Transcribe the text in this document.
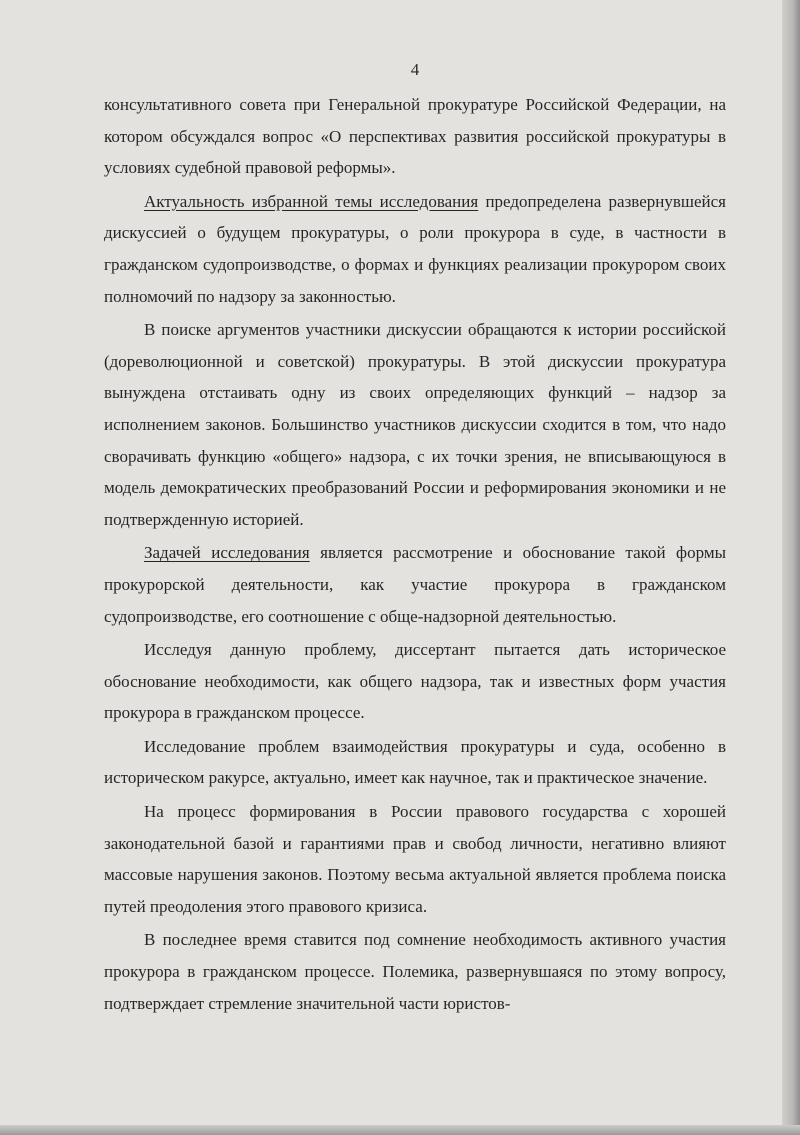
4

консультативного совета при Генеральной прокуратуре Российской Федерации, на котором обсуждался вопрос «О перспективах развития российской прокуратуры в условиях судебной правовой реформы».

Актуальность избранной темы исследования предопределена развернувшейся дискуссией о будущем прокуратуры, о роли прокурора в суде, в частности в гражданском судопроизводстве, о формах и функциях реализации прокурором своих полномочий по надзору за законностью.

В поиске аргументов участники дискуссии обращаются к истории российской (дореволюционной и советской) прокуратуры. В этой дискуссии прокуратура вынуждена отстаивать одну из своих определяющих функций – надзор за исполнением законов. Большинство участников дискуссии сходится в том, что надо сворачивать функцию «общего» надзора, с их точки зрения, не вписывающуюся в модель демократических преобразований России и реформирования экономики и не подтвержденную историей.

Задачей исследования является рассмотрение и обоснование такой формы прокурорской деятельности, как участие прокурора в гражданском судопроизводстве, его соотношение с обще-надзорной деятельностью.

Исследуя данную проблему, диссертант пытается дать историческое обоснование необходимости, как общего надзора, так и известных форм участия прокурора в гражданском процессе.

Исследование проблем взаимодействия прокуратуры и суда, особенно в историческом ракурсе, актуально, имеет как научное, так и практическое значение.

На процесс формирования в России правового государства с хорошей законодательной базой и гарантиями прав и свобод личности, негативно влияют массовые нарушения законов. Поэтому весьма актуальной является проблема поиска путей преодоления этого правового кризиса.

В последнее время ставится под сомнение необходимость активного участия прокурора в гражданском процессе. Полемика, развернувшаяся по этому вопросу, подтверждает стремление значительной части юристов-
